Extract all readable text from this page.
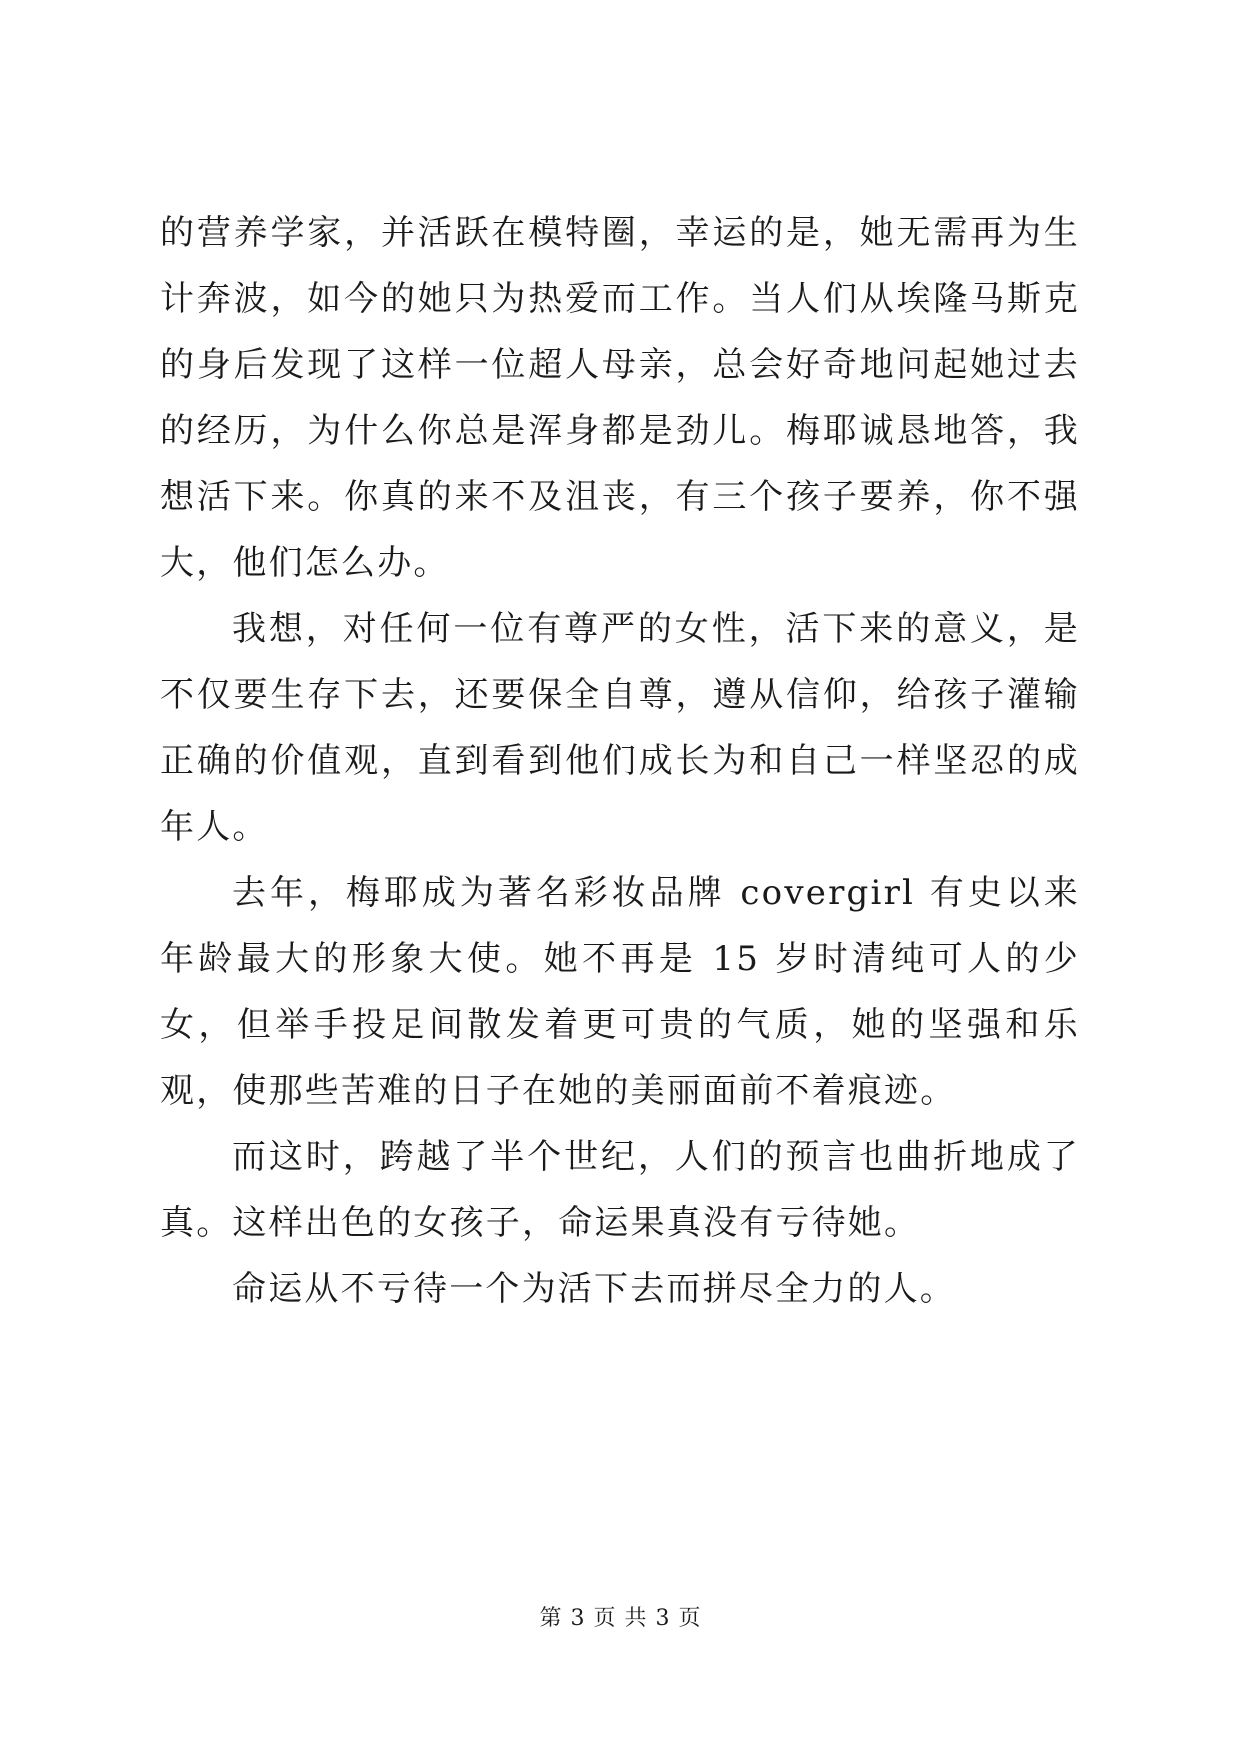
的营养学家，并活跃在模特圈，幸运的是，她无需再为生计奔波，如今的她只为热爱而工作。当人们从埃隆马斯克的身后发现了这样一位超人母亲，总会好奇地问起她过去的经历，为什么你总是浑身都是劲儿。梅耶诚恳地答，我想活下来。你真的来不及沮丧，有三个孩子要养，你不强大，他们怎么办。

我想，对任何一位有尊严的女性，活下来的意义，是不仅要生存下去，还要保全自尊，遵从信仰，给孩子灌输正确的价值观，直到看到他们成长为和自己一样坚忍的成年人。

去年，梅耶成为著名彩妆品牌 covergirl 有史以来年龄最大的形象大使。她不再是 15 岁时清纯可人的少女，但举手投足间散发着更可贵的气质，她的坚强和乐观，使那些苦难的日子在她的美丽面前不着痕迹。

而这时，跨越了半个世纪，人们的预言也曲折地成了真。这样出色的女孩子，命运果真没有亏待她。

命运从不亏待一个为活下去而拼尽全力的人。

第 3 页 共 3 页
